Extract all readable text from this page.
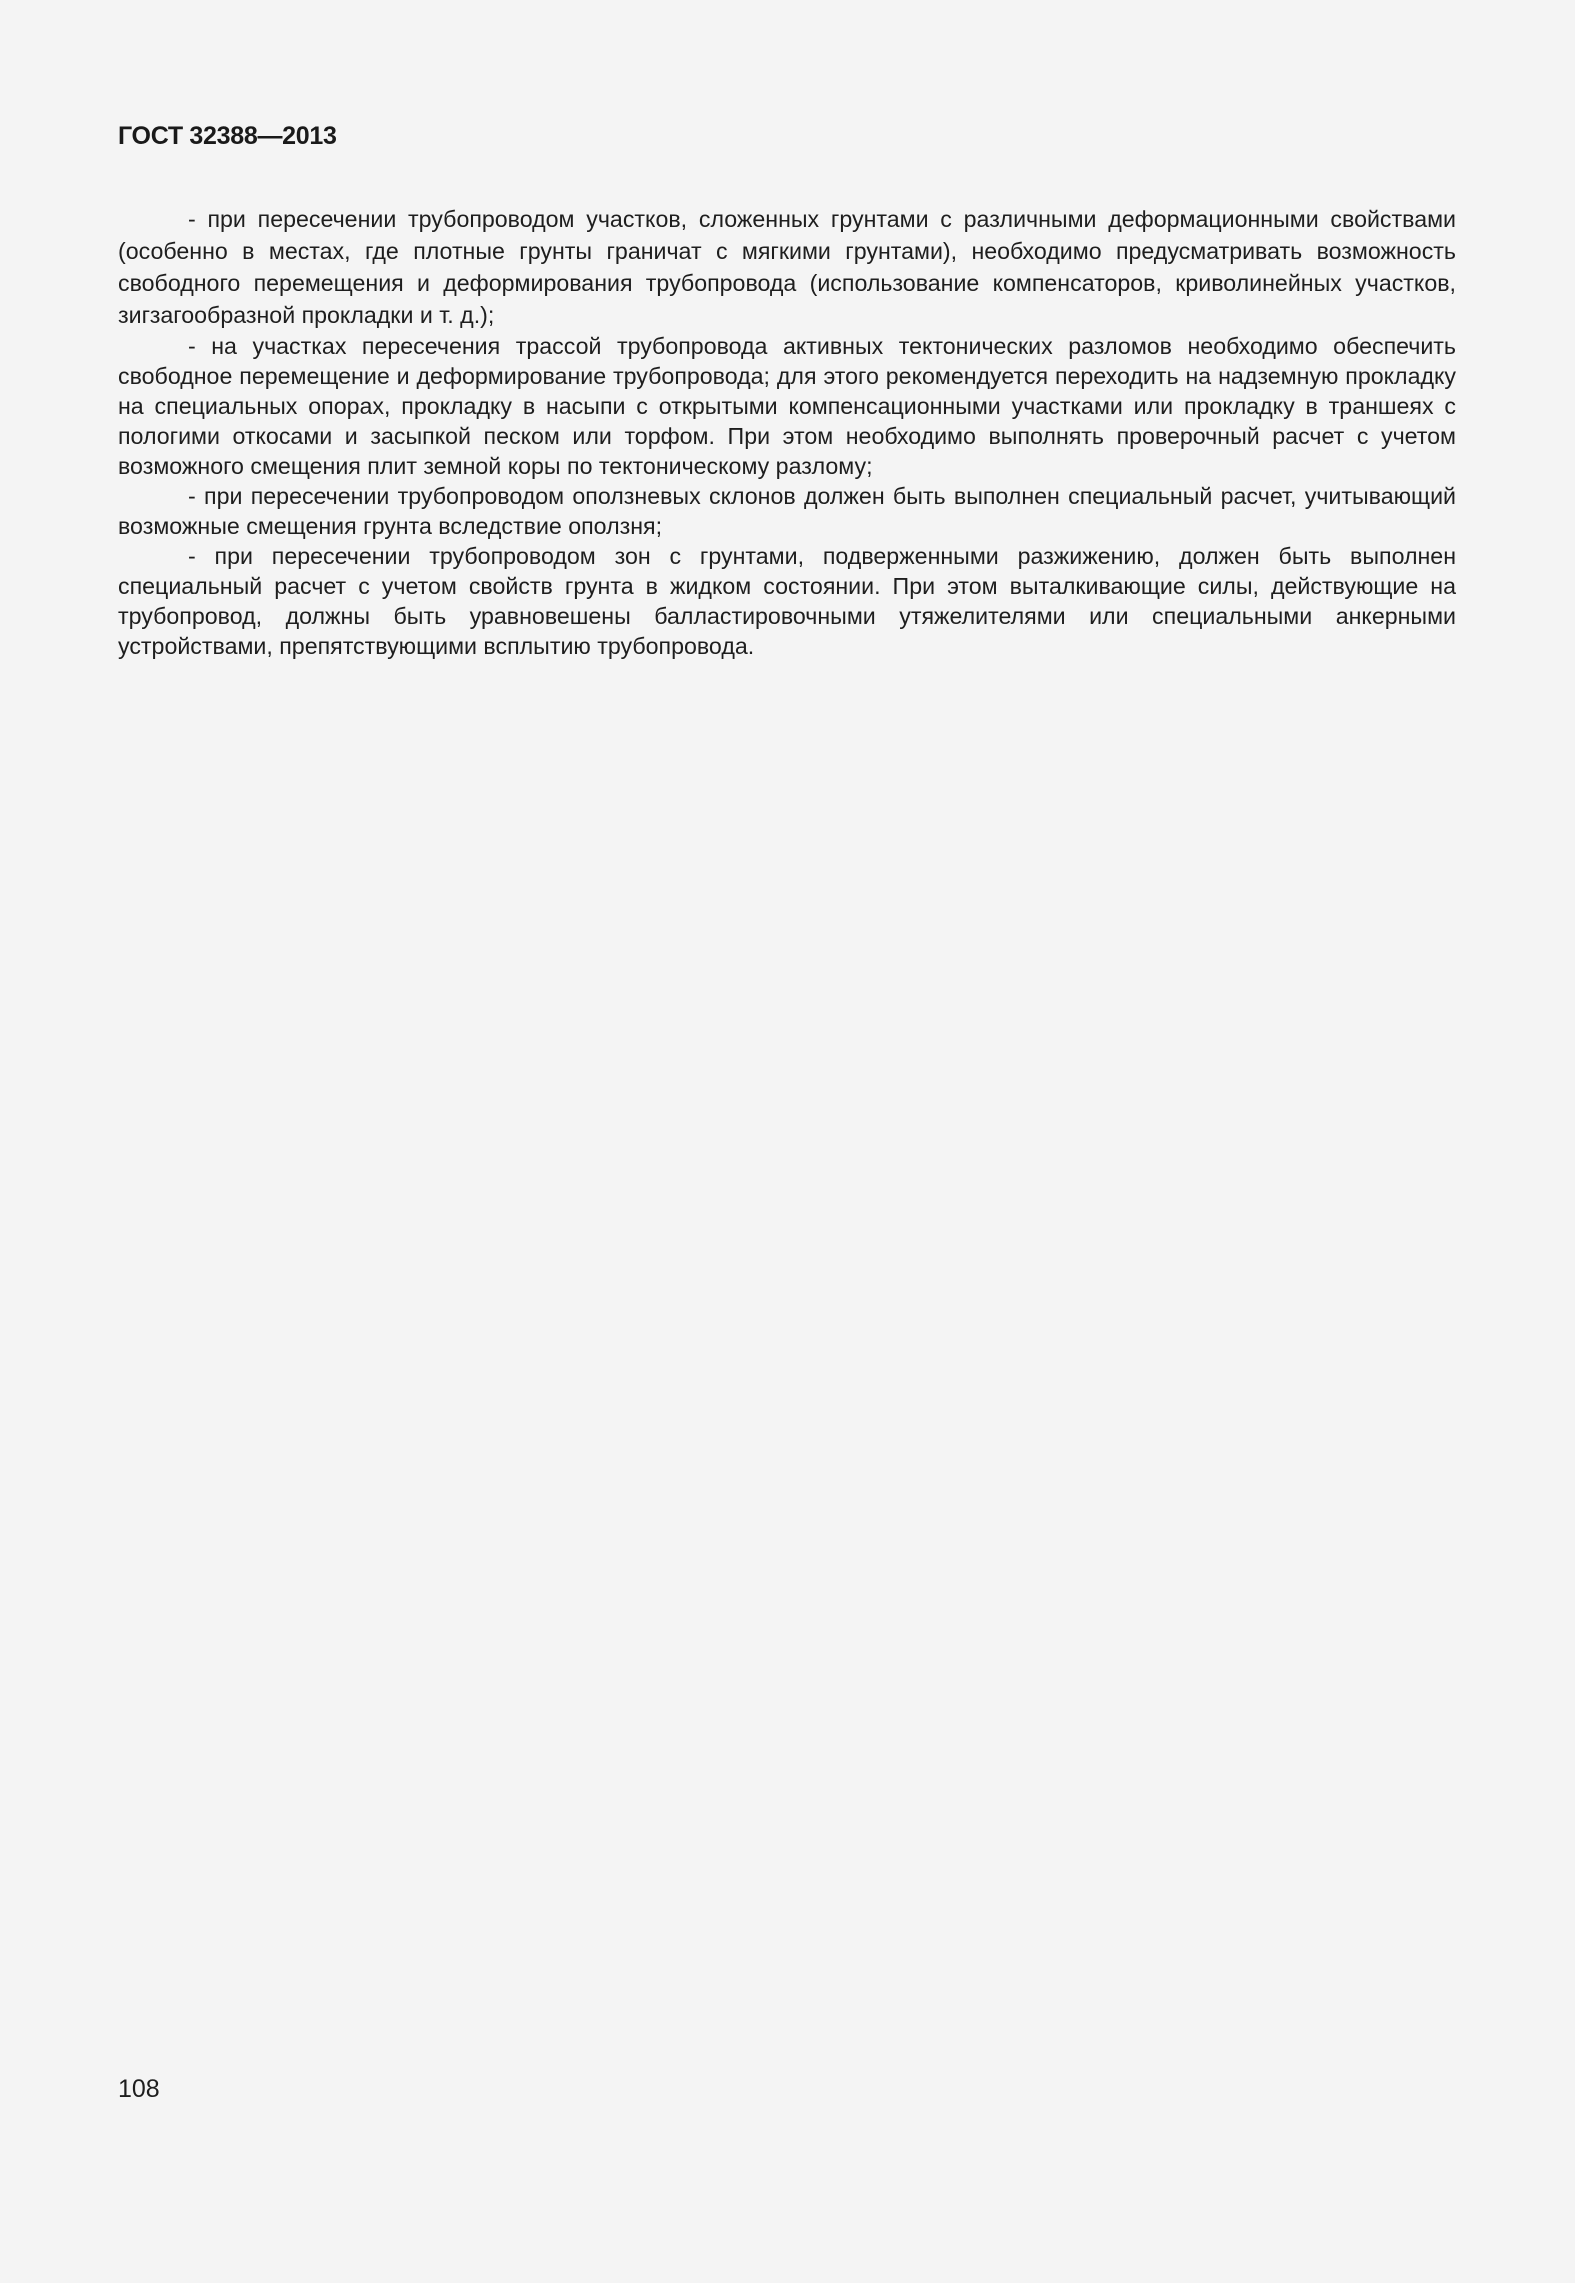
ГОСТ 32388—2013

- при пересечении трубопроводом участков, сложенных грунтами с различными деформационными свойствами (особенно в местах, где плотные грунты граничат с мягкими грунтами), необходимо предусматривать возможность свободного перемещения и деформирования трубопровода (использование компенсаторов, криволинейных участков, зигзагообразной прокладки и т. д.);

- на участках пересечения трассой трубопровода активных тектонических разломов необходимо обеспечить свободное перемещение и деформирование трубопровода; для этого рекомендуется переходить на надземную прокладку на специальных опорах, прокладку в насыпи с открытыми компенсационными участками или прокладку в траншеях с пологими откосами и засыпкой песком или торфом. При этом необходимо выполнять проверочный расчет с учетом возможного смещения плит земной коры по тектоническому разлому;

- при пересечении трубопроводом оползневых склонов должен быть выполнен специальный расчет, учитывающий возможные смещения грунта вследствие оползня;

- при пересечении трубопроводом зон с грунтами, подверженными разжижению, должен быть выполнен специальный расчет с учетом свойств грунта в жидком состоянии. При этом выталкивающие силы, действующие на трубопровод, должны быть уравновешены балластировочными утяжелителями или специальными анкерными устройствами, препятствующими всплытию трубопровода.

108
